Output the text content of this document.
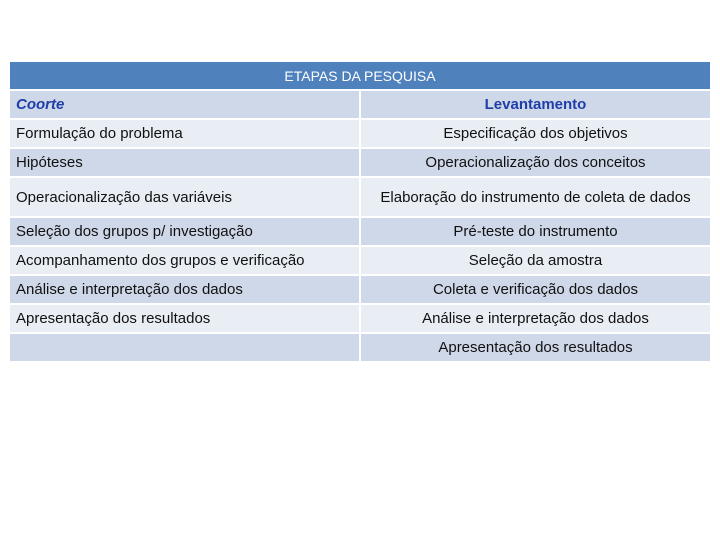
ETAPAS DA PESQUISA	
Coorte	Levantamento
Formulação do problema	Especificação dos objetivos
Hipóteses	Operacionalização dos conceitos
Operacionalização das variáveis	Elaboração do instrumento de coleta de dados
Seleção dos grupos p/ investigação	Pré-teste do instrumento
Acompanhamento dos grupos e verificação	Seleção da amostra
Análise e interpretação dos dados	Coleta e verificação dos dados
Apresentação dos resultados	Análise e interpretação dos dados
	Apresentação dos resultados
